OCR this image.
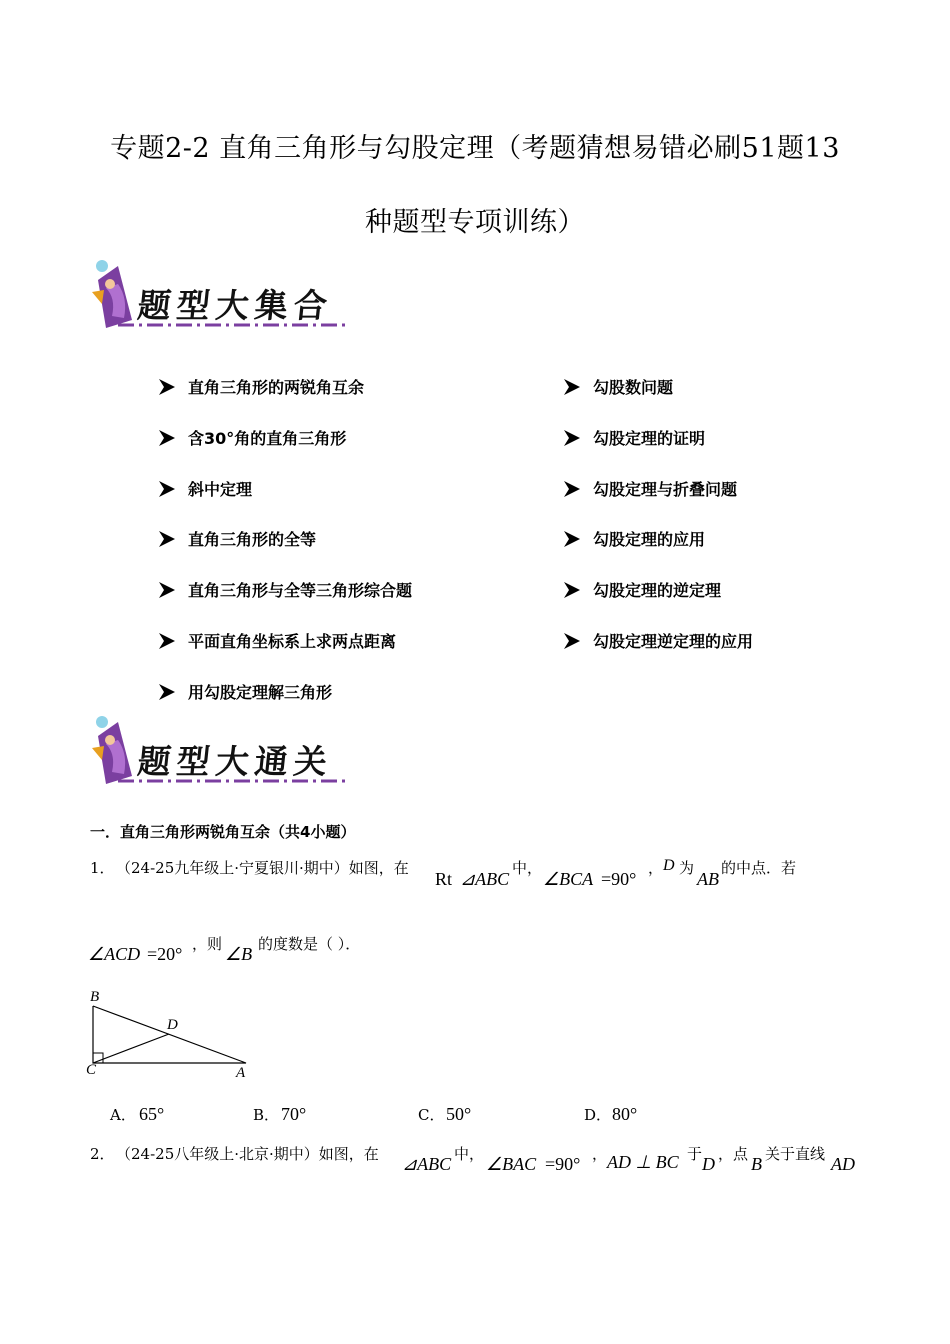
专题2-2 直角三角形与勾股定理（考题猜想易错必刷51题13
种题型专项训练）
题型大集合
直角三角形的两锐角互余
含30°角的直角三角形
斜中定理
直角三角形的全等
直角三角形与全等三角形综合题
平面直角坐标系上求两点距离
用勾股定理解三角形
勾股数问题
勾股定理的证明
勾股定理与折叠问题
勾股定理的应用
勾股定理的逆定理
勾股定理逆定理的应用
题型大通关
一．直角三角形两锐角互余（共4小题）
1． （24-25九年级上·宁夏银川·期中）如图，在
Rt ⊿ABC
中，
∠BCA =90°
， D 为
AB
的中点．若
∠ACD =20° ，则 ∠B 的度数是（ ）．
B
D
C	A
A． 65°	B． 70°	C． 50°	D． 80°
2． （24-25八年级上·北京·期中）如图，在 ⊿ABC 中， ∠BAC =90° ， AD ⊥ BC 于 D ，点 B 关于直线 AD
